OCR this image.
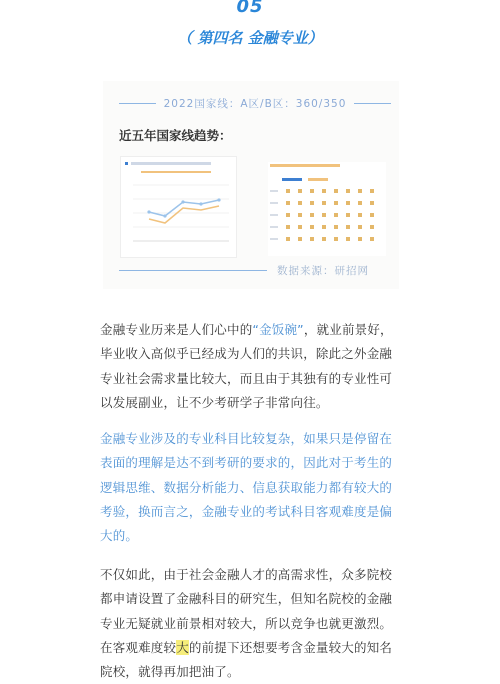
05
（ 第四名 金融专业）
2022国家线：A区/B区：360/350
近五年国家线趋势：
数据来源：研招网
金融专业历来是人们心中的“金饭碗”，就业前景好，毕业收入高似乎已经成为人们的共识，除此之外金融专业社会需求量比较大，而且由于其独有的专业性可以发展副业，让不少考研学子非常向往。
金融专业涉及的专业科目比较复杂，如果只是停留在表面的理解是达不到考研的要求的，因此对于考生的逻辑思维、数据分析能力、信息获取能力都有较大的考验，换而言之，金融专业的考试科目客观难度是偏大的。
不仅如此，由于社会金融人才的高需求性，众多院校都申请设置了金融科目的研究生，但知名院校的金融专业无疑就业前景相对较大，所以竞争也就更激烈。在客观难度较大的前提下还想要考含金量较大的知名院校，就得再加把油了。
